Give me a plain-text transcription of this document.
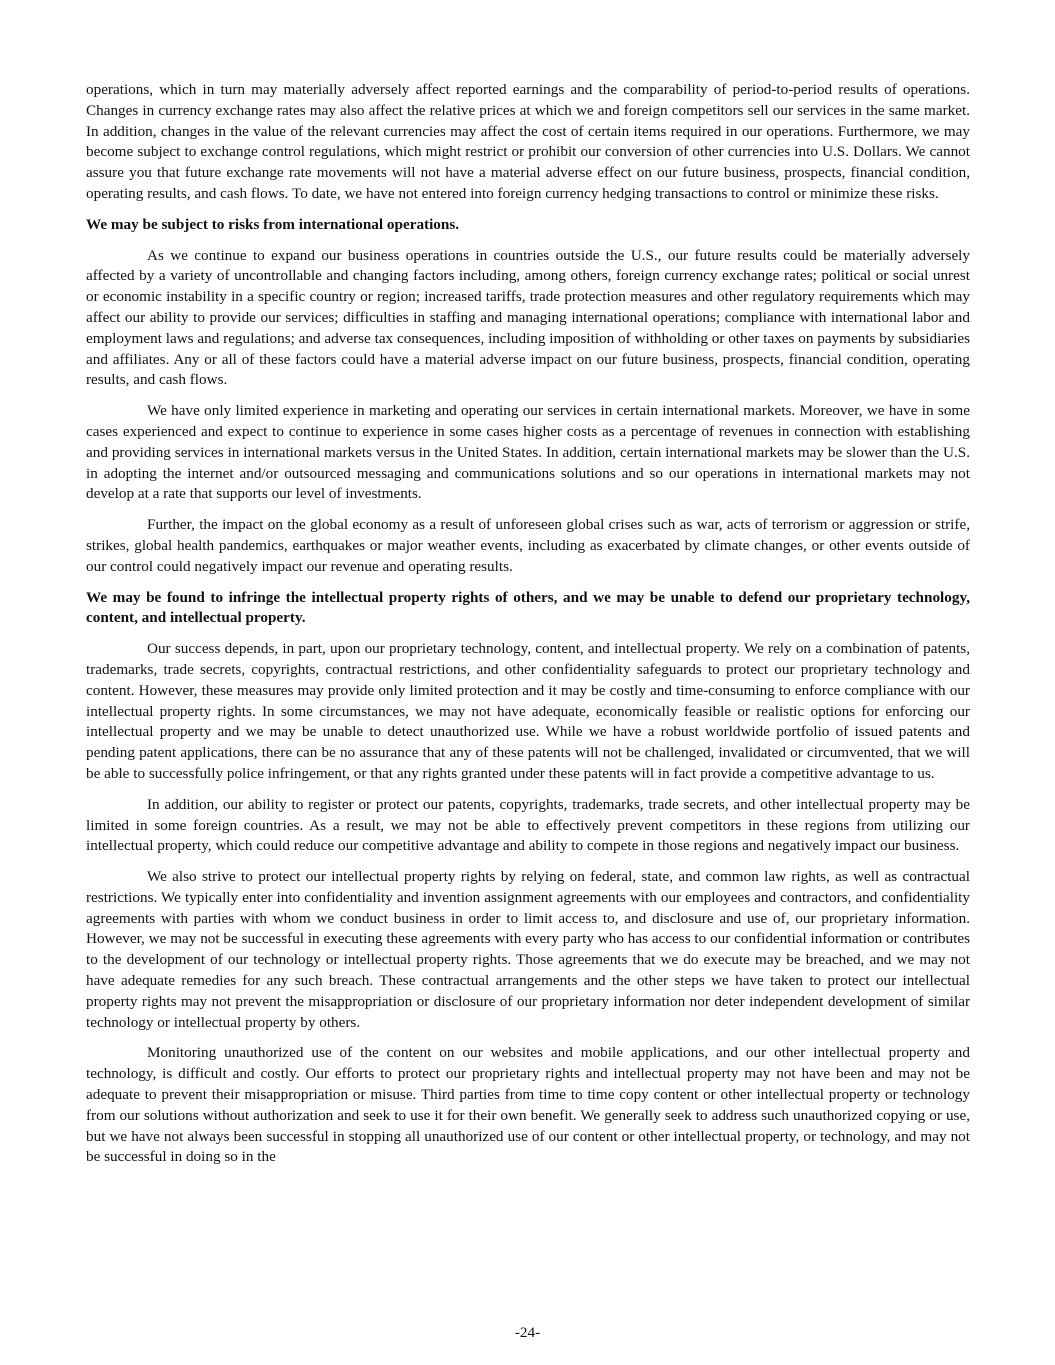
operations, which in turn may materially adversely affect reported earnings and the comparability of period-to-period results of operations. Changes in currency exchange rates may also affect the relative prices at which we and foreign competitors sell our services in the same market. In addition, changes in the value of the relevant currencies may affect the cost of certain items required in our operations. Furthermore, we may become subject to exchange control regulations, which might restrict or prohibit our conversion of other currencies into U.S. Dollars. We cannot assure you that future exchange rate movements will not have a material adverse effect on our future business, prospects, financial condition, operating results, and cash flows. To date, we have not entered into foreign currency hedging transactions to control or minimize these risks.

We may be subject to risks from international operations.

As we continue to expand our business operations in countries outside the U.S., our future results could be materially adversely affected by a variety of uncontrollable and changing factors including, among others, foreign currency exchange rates; political or social unrest or economic instability in a specific country or region; increased tariffs, trade protection measures and other regulatory requirements which may affect our ability to provide our services; difficulties in staffing and managing international operations; compliance with international labor and employment laws and regulations; and adverse tax consequences, including imposition of withholding or other taxes on payments by subsidiaries and affiliates. Any or all of these factors could have a material adverse impact on our future business, prospects, financial condition, operating results, and cash flows.

We have only limited experience in marketing and operating our services in certain international markets. Moreover, we have in some cases experienced and expect to continue to experience in some cases higher costs as a percentage of revenues in connection with establishing and providing services in international markets versus in the United States. In addition, certain international markets may be slower than the U.S. in adopting the internet and/or outsourced messaging and communications solutions and so our operations in international markets may not develop at a rate that supports our level of investments.

Further, the impact on the global economy as a result of unforeseen global crises such as war, acts of terrorism or aggression or strife, strikes, global health pandemics, earthquakes or major weather events, including as exacerbated by climate changes, or other events outside of our control could negatively impact our revenue and operating results.

We may be found to infringe the intellectual property rights of others, and we may be unable to defend our proprietary technology, content, and intellectual property.

Our success depends, in part, upon our proprietary technology, content, and intellectual property. We rely on a combination of patents, trademarks, trade secrets, copyrights, contractual restrictions, and other confidentiality safeguards to protect our proprietary technology and content. However, these measures may provide only limited protection and it may be costly and time-consuming to enforce compliance with our intellectual property rights. In some circumstances, we may not have adequate, economically feasible or realistic options for enforcing our intellectual property and we may be unable to detect unauthorized use. While we have a robust worldwide portfolio of issued patents and pending patent applications, there can be no assurance that any of these patents will not be challenged, invalidated or circumvented, that we will be able to successfully police infringement, or that any rights granted under these patents will in fact provide a competitive advantage to us.

In addition, our ability to register or protect our patents, copyrights, trademarks, trade secrets, and other intellectual property may be limited in some foreign countries. As a result, we may not be able to effectively prevent competitors in these regions from utilizing our intellectual property, which could reduce our competitive advantage and ability to compete in those regions and negatively impact our business.

We also strive to protect our intellectual property rights by relying on federal, state, and common law rights, as well as contractual restrictions. We typically enter into confidentiality and invention assignment agreements with our employees and contractors, and confidentiality agreements with parties with whom we conduct business in order to limit access to, and disclosure and use of, our proprietary information. However, we may not be successful in executing these agreements with every party who has access to our confidential information or contributes to the development of our technology or intellectual property rights. Those agreements that we do execute may be breached, and we may not have adequate remedies for any such breach. These contractual arrangements and the other steps we have taken to protect our intellectual property rights may not prevent the misappropriation or disclosure of our proprietary information nor deter independent development of similar technology or intellectual property by others.

Monitoring unauthorized use of the content on our websites and mobile applications, and our other intellectual property and technology, is difficult and costly. Our efforts to protect our proprietary rights and intellectual property may not have been and may not be adequate to prevent their misappropriation or misuse. Third parties from time to time copy content or other intellectual property or technology from our solutions without authorization and seek to use it for their own benefit. We generally seek to address such unauthorized copying or use, but we have not always been successful in stopping all unauthorized use of our content or other intellectual property, or technology, and may not be successful in doing so in the

-24-
